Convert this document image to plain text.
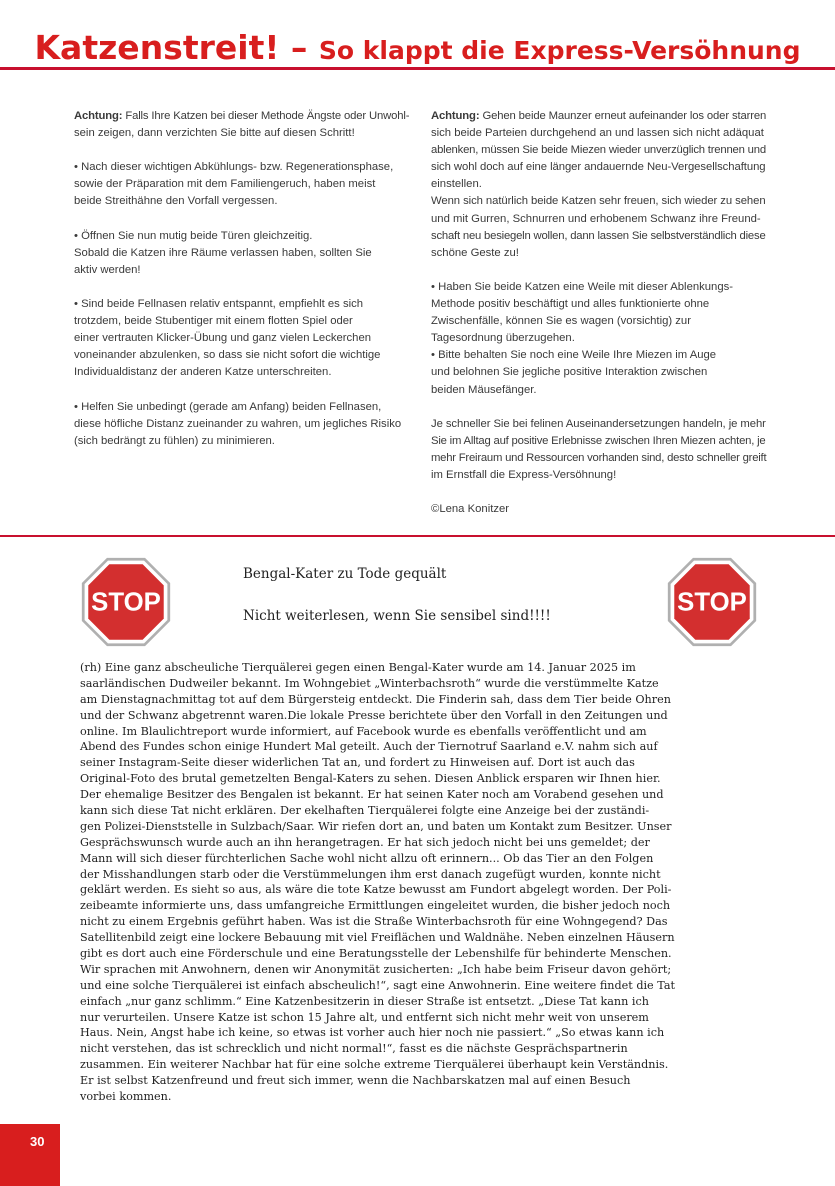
Katzenstreit! – So klappt die Express-Versöhnung
Achtung: Falls Ihre Katzen bei dieser Methode Ängste oder Unwohl-
sein zeigen, dann verzichten Sie bitte auf diesen Schritt!
• Nach dieser wichtigen Abkühlungs- bzw. Regenerationsphase,
sowie der Präparation mit dem Familiengeruch, haben meist
beide Streithähne den Vorfall vergessen.
• Öffnen Sie nun mutig beide Türen gleichzeitig.
Sobald die Katzen ihre Räume verlassen haben, sollten Sie
aktiv werden!
• Sind beide Fellnasen relativ entspannt, empfiehlt es sich
trotzdem, beide Stubentiger mit einem flotten Spiel oder
einer vertrauten Klicker-Übung und ganz vielen Leckerchen
voneinander abzulenken, so dass sie nicht sofort die wichtige
Individualdistanz der anderen Katze unterschreiten.
• Helfen Sie unbedingt (gerade am Anfang) beiden Fellnasen,
diese höfliche Distanz zueinander zu wahren, um jegliches Risiko
(sich bedrängt zu fühlen) zu minimieren.
Achtung: Gehen beide Maunzer erneut aufeinander los oder starren
sich beide Parteien durchgehend an und lassen sich nicht adäquat
ablenken, müssen Sie beide Miezen wieder unverzüglich trennen und
sich wohl doch auf eine länger andauernde Neu-Vergesellschaftung
einstellen.
Wenn sich natürlich beide Katzen sehr freuen, sich wieder zu sehen
und mit Gurren, Schnurren und erhobenem Schwanz ihre Freund-
schaft neu besiegeln wollen, dann lassen Sie selbstverständlich diese
schöne Geste zu!
• Haben Sie beide Katzen eine Weile mit dieser Ablenkungs-
Methode positiv beschäftigt und alles funktionierte ohne
Zwischenfälle, können Sie es wagen (vorsichtig) zur
Tagesordnung überzugehen.
• Bitte behalten Sie noch eine Weile Ihre Miezen im Auge
und belohnen Sie jegliche positive Interaktion zwischen
beiden Mäusefänger.
Je schneller Sie bei felinen Auseinandersetzungen handeln, je mehr
Sie im Alltag auf positive Erlebnisse zwischen Ihren Miezen achten, je
mehr Freiraum und Ressourcen vorhanden sind, desto schneller greift
im Ernstfall die Express-Versöhnung!
©Lena Konitzer
STOP	STOP
Bengal-Kater zu Tode gequält
Nicht weiterlesen, wenn Sie sensibel sind!!!!
(rh) Eine ganz abscheuliche Tierquälerei gegen einen Bengal-Kater wurde am 14. Januar 2025 im
saarländischen Dudweiler bekannt. Im Wohngebiet „Winterbachsroth“ wurde die verstümmelte Katze
am Dienstagnachmittag tot auf dem Bürgersteig entdeckt. Die Finderin sah, dass dem Tier beide Ohren
und der Schwanz abgetrennt waren.Die lokale Presse berichtete über den Vorfall in den Zeitungen und
online. Im Blaulichtreport wurde informiert, auf Facebook wurde es ebenfalls veröffentlicht und am
Abend des Fundes schon einige Hundert Mal geteilt. Auch der Tiernotruf Saarland e.V. nahm sich auf
seiner Instagram-Seite dieser widerlichen Tat an, und fordert zu Hinweisen auf. Dort ist auch das
Original-Foto des brutal gemetzelten Bengal-Katers zu sehen. Diesen Anblick ersparen wir Ihnen hier.
Der ehemalige Besitzer des Bengalen ist bekannt. Er hat seinen Kater noch am Vorabend gesehen und
kann sich diese Tat nicht erklären. Der ekelhaften Tierquälerei folgte eine Anzeige bei der zuständi-
gen Polizei-Dienststelle in Sulzbach/Saar. Wir riefen dort an, und baten um Kontakt zum Besitzer. Unser
Gesprächswunsch wurde auch an ihn herangetragen. Er hat sich jedoch nicht bei uns gemeldet; der
Mann will sich dieser fürchterlichen Sache wohl nicht allzu oft erinnern... Ob das Tier an den Folgen
der Misshandlungen starb oder die Verstümmelungen ihm erst danach zugefügt wurden, konnte nicht
geklärt werden. Es sieht so aus, als wäre die tote Katze bewusst am Fundort abgelegt worden. Der Poli-
zeibeamte informierte uns, dass umfangreiche Ermittlungen eingeleitet wurden, die bisher jedoch noch
nicht zu einem Ergebnis geführt haben. Was ist die Straße Winterbachsroth für eine Wohngegend? Das
Satellitenbild zeigt eine lockere Bebauung mit viel Freiflächen und Waldnähe. Neben einzelnen Häusern
gibt es dort auch eine Förderschule und eine Beratungsstelle der Lebenshilfe für behinderte Menschen.
Wir sprachen mit Anwohnern, denen wir Anonymität zusicherten: „Ich habe beim Friseur davon gehört;
und eine solche Tierquälerei ist einfach abscheulich!“, sagt eine Anwohnerin. Eine weitere findet die Tat
einfach „nur ganz schlimm.“ Eine Katzenbesitzerin in dieser Straße ist entsetzt. „Diese Tat kann ich
nur verurteilen. Unsere Katze ist schon 15 Jahre alt, und entfernt sich nicht mehr weit von unserem
Haus. Nein, Angst habe ich keine, so etwas ist vorher auch hier noch nie passiert.“ „So etwas kann ich
nicht verstehen, das ist schrecklich und nicht normal!“, fasst es die nächste Gesprächspartnerin
zusammen. Ein weiterer Nachbar hat für eine solche extreme Tierquälerei überhaupt kein Verständnis.
Er ist selbst Katzenfreund und freut sich immer, wenn die Nachbarskatzen mal auf einen Besuch
vorbei kommen.
30
